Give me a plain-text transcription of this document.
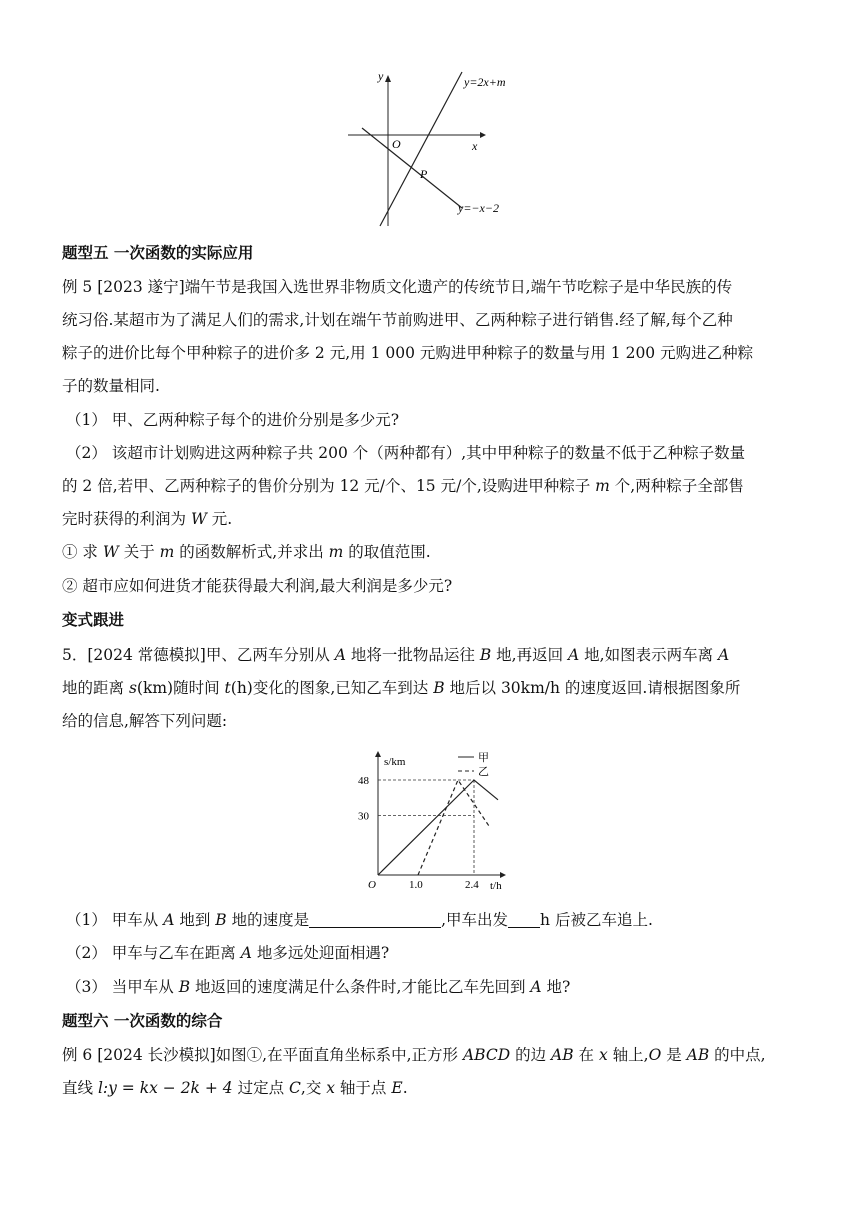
y
x
O
P
y=2x+m
y=−x−2
题型五 一次函数的实际应用
例 5 [2023 遂宁]端午节是我国入选世界非物质文化遗产的传统节日,端午节吃粽子是中华民族的传
统习俗.某超市为了满足人们的需求,计划在端午节前购进甲、乙两种粽子进行销售.经了解,每个乙种
粽子的进价比每个甲种粽子的进价多 2 元,用 1 000 元购进甲种粽子的数量与用 1 200 元购进乙种粽
子的数量相同.
（1） 甲、乙两种粽子每个的进价分别是多少元?
（2） 该超市计划购进这两种粽子共 200 个（两种都有）,其中甲种粽子的数量不低于乙种粽子数量
的 2 倍,若甲、乙两种粽子的售价分别为 12 元/个、15 元/个,设购进甲种粽子 m 个,两种粽子全部售
完时获得的利润为 W 元.
① 求 W 关于 m 的函数解析式,并求出 m 的取值范围.
② 超市应如何进货才能获得最大利润,最大利润是多少元?
变式跟进
5．[2024 常德模拟]甲、乙两车分别从 A 地将一批物品运往 B 地,再返回 A 地,如图表示两车离 A
地的距离 s(km)随时间 t(h)变化的图象,已知乙车到达 B 地后以 30km/h 的速度返回.请根据图象所
给的信息,解答下列问题:
s/km
t/h
O
30
48
1.0	2.4
甲
乙
（1） 甲车从 A 地到 B 地的速度是	,甲车出发 h 后被乙车追上.
（2） 甲车与乙车在距离 A 地多远处迎面相遇?
（3） 当甲车从 B 地返回的速度满足什么条件时,才能比乙车先回到 A 地?
题型六 一次函数的综合
例 6 [2024 长沙模拟]如图①,在平面直角坐标系中,正方形 ABCD 的边 AB 在 x 轴上,O 是 AB 的中点,
直线 l:y = kx − 2k + 4 过定点 C,交 x 轴于点 E.
